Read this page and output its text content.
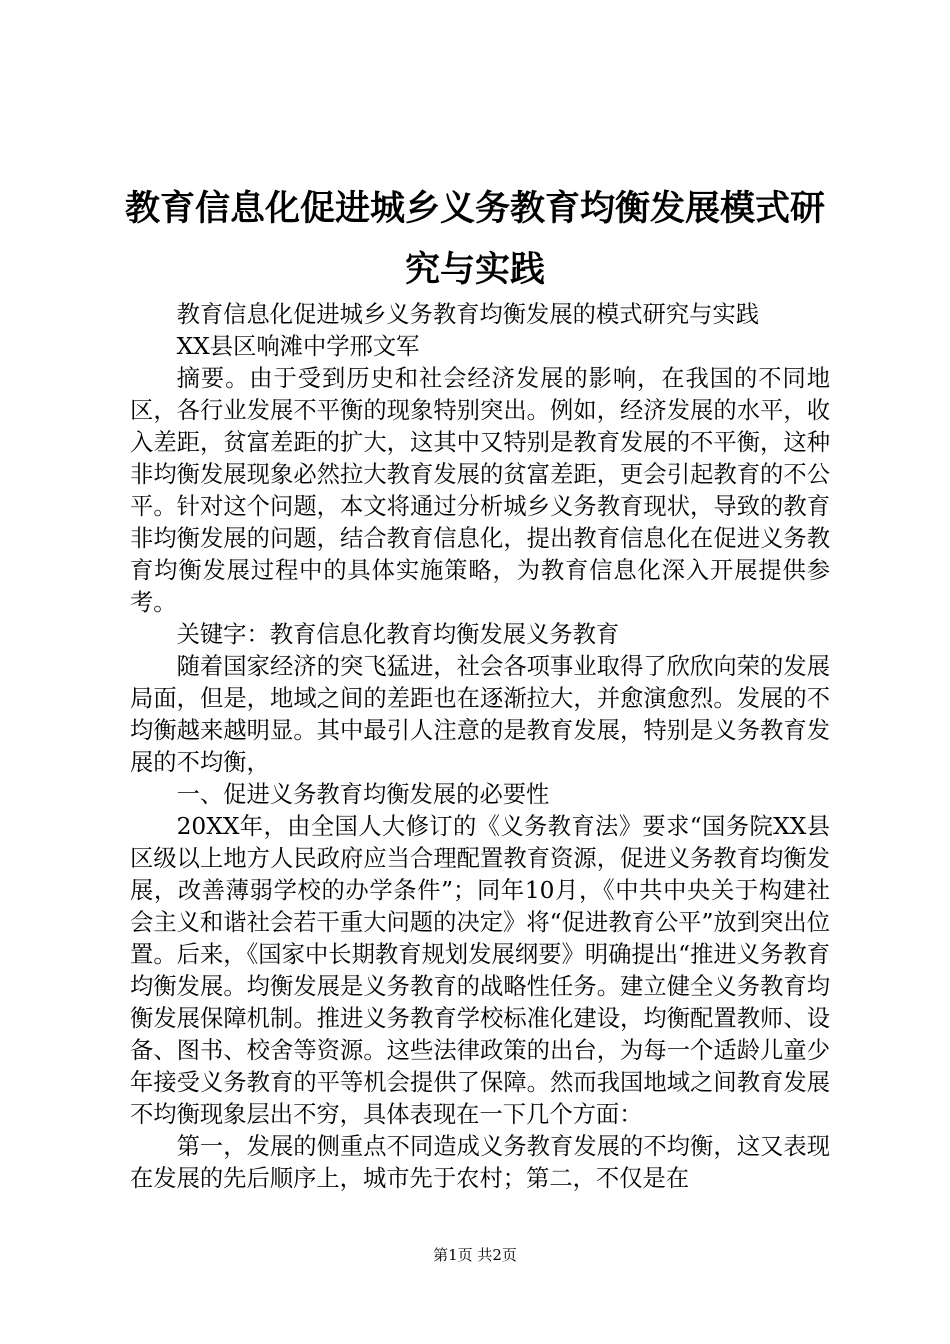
教育信息化促进城乡义务教育均衡发展模式研
究与实践

教育信息化促进城乡义务教育均衡发展的模式研究与实践

XX县区响滩中学邢文军

摘要。由于受到历史和社会经济发展的影响，在我国的不同地区，各行业发展不平衡的现象特别突出。例如，经济发展的水平，收入差距，贫富差距的扩大，这其中又特别是教育发展的不平衡，这种非均衡发展现象必然拉大教育发展的贫富差距，更会引起教育的不公平。针对这个问题，本文将通过分析城乡义务教育现状，导致的教育非均衡发展的问题，结合教育信息化，提出教育信息化在促进义务教育均衡发展过程中的具体实施策略，为教育信息化深入开展提供参考。

关键字：教育信息化教育均衡发展义务教育

随着国家经济的突飞猛进，社会各项事业取得了欣欣向荣的发展局面，但是，地域之间的差距也在逐渐拉大，并愈演愈烈。发展的不均衡越来越明显。其中最引人注意的是教育发展，特别是义务教育发展的不均衡，

一、促进义务教育均衡发展的必要性

20XX年，由全国人大修订的《义务教育法》要求“国务院XX县区级以上地方人民政府应当合理配置教育资源，促进义务教育均衡发展，改善薄弱学校的办学条件”；同年10月，《中共中央关于构建社会主义和谐社会若干重大问题的决定》将“促进教育公平”放到突出位置。后来，《国家中长期教育规划发展纲要》明确提出“推进义务教育均衡发展。均衡发展是义务教育的战略性任务。建立健全义务教育均衡发展保障机制。推进义务教育学校标准化建设，均衡配置教师、设备、图书、校舍等资源。这些法律政策的出台，为每一个适龄儿童少年接受义务教育的平等机会提供了保障。然而我国地域之间教育发展不均衡现象层出不穷，具体表现在一下几个方面：

第一，发展的侧重点不同造成义务教育发展的不均衡，这又表现在发展的先后顺序上，城市先于农村；第二，不仅是在

第1页 共2页
